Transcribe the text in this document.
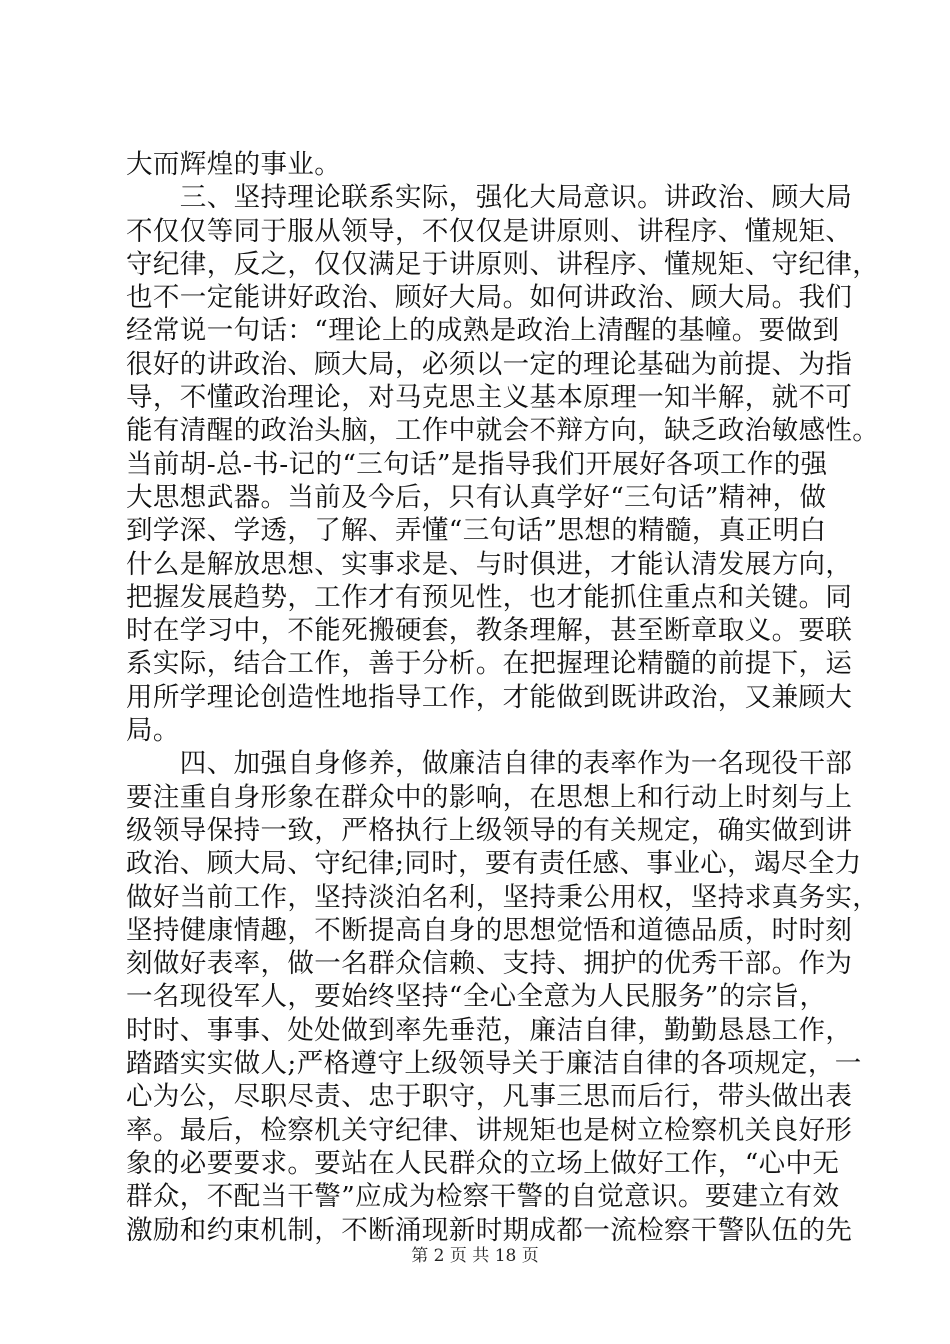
大而辉煌的事业。
　　三、坚持理论联系实际，强化大局意识。讲政治、顾大局
不仅仅等同于服从领导，不仅仅是讲原则、讲程序、懂规矩、
守纪律，反之，仅仅满足于讲原则、讲程序、懂规矩、守纪律，
也不一定能讲好政治、顾好大局。如何讲政治、顾大局。我们
经常说一句话：“理论上的成熟是政治上清醒的基幢。要做到
很好的讲政治、顾大局，必须以一定的理论基础为前提、为指
导，不懂政治理论，对马克思主义基本原理一知半解，就不可
能有清醒的政治头脑，工作中就会不辩方向，缺乏政治敏感性。
当前胡-总-书-记的“三句话”是指导我们开展好各项工作的强
大思想武器。当前及今后，只有认真学好“三句话”精神，做
到学深、学透，了解、弄懂“三句话”思想的精髓，真正明白
什么是解放思想、实事求是、与时俱进，才能认清发展方向，
把握发展趋势，工作才有预见性，也才能抓住重点和关键。同
时在学习中，不能死搬硬套，教条理解，甚至断章取义。要联
系实际，结合工作，善于分析。在把握理论精髓的前提下，运
用所学理论创造性地指导工作，才能做到既讲政治，又兼顾大
局。
　　四、加强自身修养，做廉洁自律的表率作为一名现役干部
要注重自身形象在群众中的影响，在思想上和行动上时刻与上
级领导保持一致，严格执行上级领导的有关规定，确实做到讲
政治、顾大局、守纪律;同时，要有责任感、事业心，竭尽全力
做好当前工作，坚持淡泊名利，坚持秉公用权，坚持求真务实，
坚持健康情趣，不断提高自身的思想觉悟和道德品质，时时刻
刻做好表率，做一名群众信赖、支持、拥护的优秀干部。作为
一名现役军人，要始终坚持“全心全意为人民服务”的宗旨，
时时、事事、处处做到率先垂范，廉洁自律，勤勤恳恳工作，
踏踏实实做人;严格遵守上级领导关于廉洁自律的各项规定，一
心为公，尽职尽责、忠于职守，凡事三思而后行，带头做出表
率。最后，检察机关守纪律、讲规矩也是树立检察机关良好形
象的必要要求。要站在人民群众的立场上做好工作，“心中无
群众，不配当干警”应成为检察干警的自觉意识。要建立有效
激励和约束机制，不断涌现新时期成都一流检察干警队伍的先
第 2 页 共 18 页
